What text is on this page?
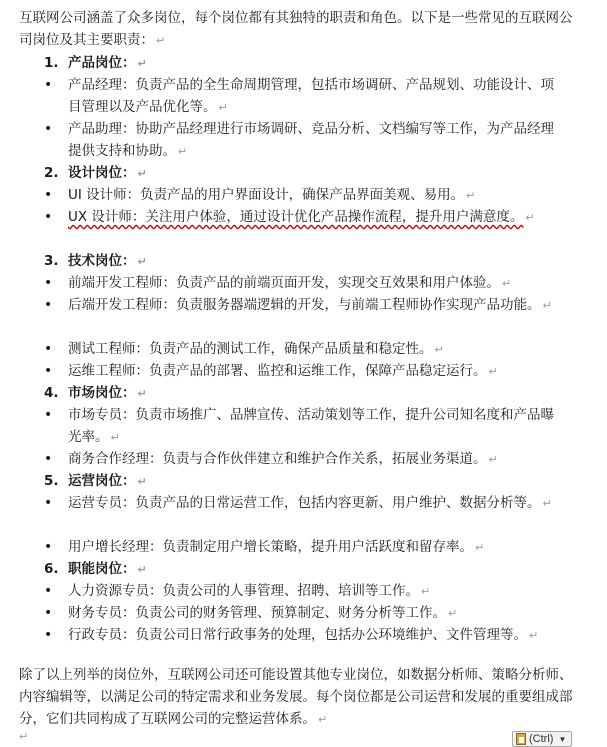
互联网公司涵盖了众多岗位，每个岗位都有其独特的职责和角色。以下是一些常见的互联网公司岗位及其主要职责： ↵
1. 产品岗位： ↵
•	产品经理：负责产品的全生命周期管理，包括市场调研、产品规划、功能设计、项目管理以及产品优化等。 ↵
•	产品助理：协助产品经理进行市场调研、竞品分析、文档编写等工作，为产品经理提供支持和协助。 ↵
2. 设计岗位： ↵
•	UI 设计师：负责产品的用户界面设计，确保产品界面美观、易用。 ↵
•	UX 设计师：关注用户体验，通过设计优化产品操作流程，提升用户满意度。 ↵
3. 技术岗位： ↵
•	前端开发工程师：负责产品的前端页面开发，实现交互效果和用户体验。 ↵
•	后端开发工程师：负责服务器端逻辑的开发，与前端工程师协作实现产品功能。 ↵
•	测试工程师：负责产品的测试工作，确保产品质量和稳定性。 ↵
•	运维工程师：负责产品的部署、监控和运维工作，保障产品稳定运行。 ↵
4. 市场岗位： ↵
•	市场专员：负责市场推广、品牌宣传、活动策划等工作，提升公司知名度和产品曝光率。 ↵
•	商务合作经理：负责与合作伙伴建立和维护合作关系，拓展业务渠道。 ↵
5. 运营岗位： ↵
•	运营专员：负责产品的日常运营工作，包括内容更新、用户维护、数据分析等。 ↵
•	用户增长经理：负责制定用户增长策略，提升用户活跃度和留存率。 ↵
6. 职能岗位： ↵
•	人力资源专员：负责公司的人事管理、招聘、培训等工作。 ↵
•	财务专员：负责公司的财务管理、预算制定、财务分析等工作。 ↵
•	行政专员：负责公司日常行政事务的处理，包括办公环境维护、文件管理等。 ↵
除了以上列举的岗位外，互联网公司还可能设置其他专业岗位，如数据分析师、策略分析师、内容编辑等，以满足公司的特定需求和业务发展。每个岗位都是公司运营和发展的重要组成部分，它们共同构成了互联网公司的完整运营体系。 ↵
↵	(Ctrl) ▼
